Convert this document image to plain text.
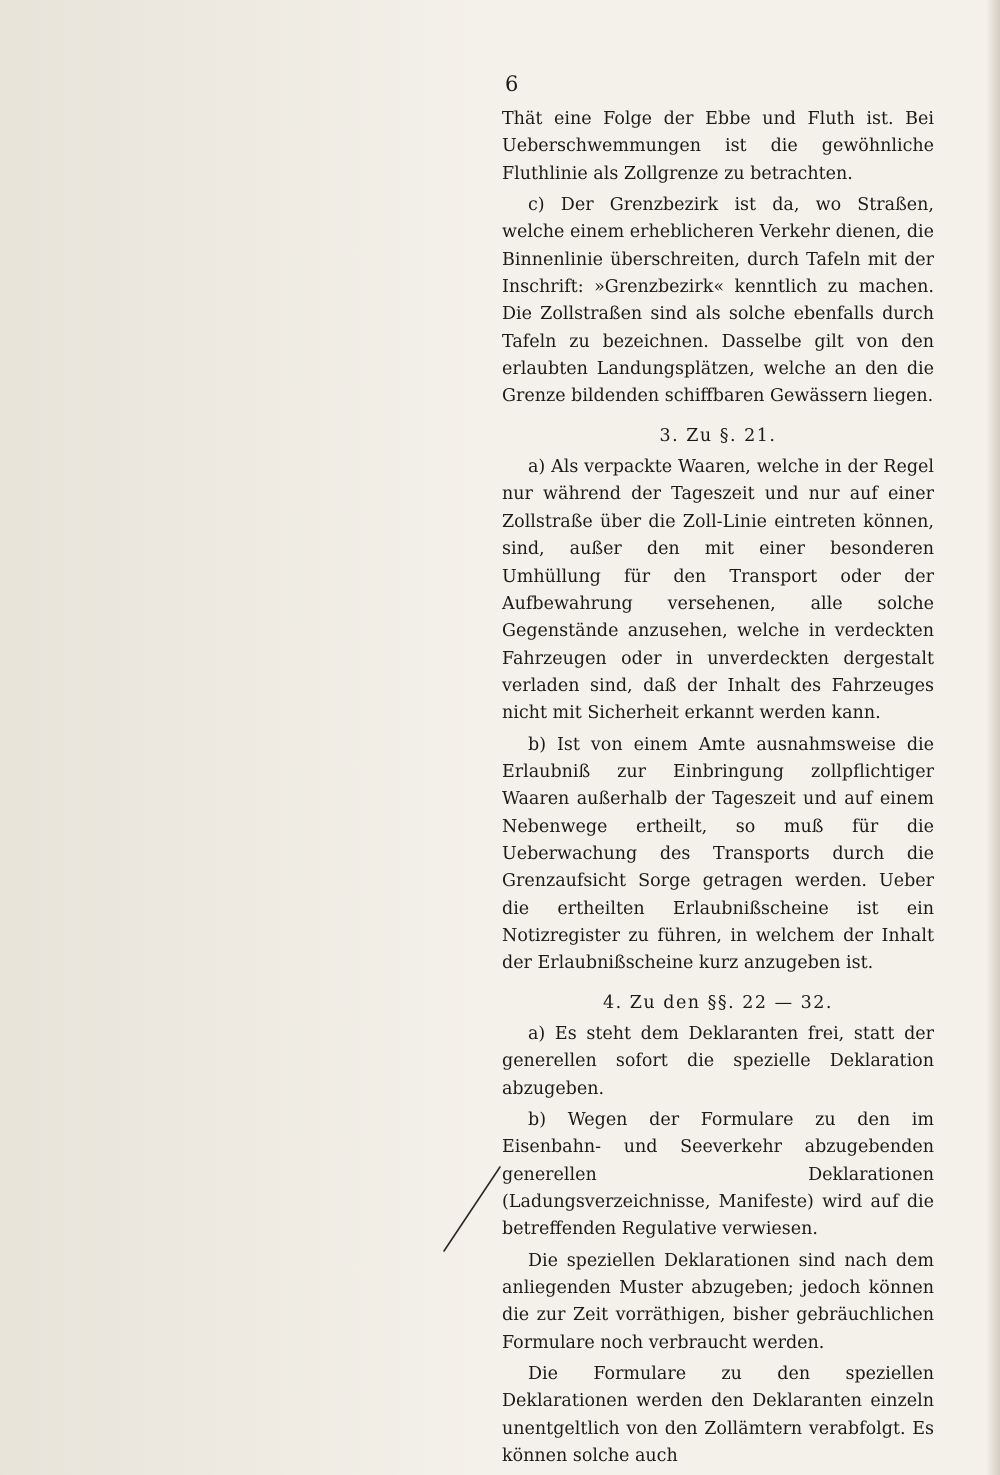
6

Thät eine Folge der Ebbe und Fluth ist. Bei Ueberschwemmungen ist die gewöhnliche Fluthlinie als Zollgrenze zu betrachten.

c) Der Grenzbezirk ist da, wo Straßen, welche einem erheblicheren Verkehr dienen, die Binnenlinie überschreiten, durch Tafeln mit der Inschrift: »Grenzbezirk« kenntlich zu machen. Die Zollstraßen sind als solche ebenfalls durch Tafeln zu bezeichnen. Dasselbe gilt von den erlaubten Landungsplätzen, welche an den die Grenze bildenden schiffbaren Gewässern liegen.

3. Zu §. 21.

a) Als verpackte Waaren, welche in der Regel nur während der Tageszeit und nur auf einer Zollstraße über die Zoll-Linie eintreten können, sind, außer den mit einer besonderen Umhüllung für den Transport oder der Aufbewahrung versehenen, alle solche Gegenstände anzusehen, welche in verdeckten Fahrzeugen oder in unverdeckten dergestalt verladen sind, daß der Inhalt des Fahrzeuges nicht mit Sicherheit erkannt werden kann.

b) Ist von einem Amte ausnahmsweise die Erlaubniß zur Einbringung zollpflichtiger Waaren außerhalb der Tageszeit und auf einem Nebenwege ertheilt, so muß für die Ueberwachung des Transports durch die Grenzaufsicht Sorge getragen werden. Ueber die ertheilten Erlaubnißscheine ist ein Notizregister zu führen, in welchem der Inhalt der Erlaubnißscheine kurz anzugeben ist.

4. Zu den §§. 22 — 32.

a) Es steht dem Deklaranten frei, statt der generellen sofort die spezielle Deklaration abzugeben.

b) Wegen der Formulare zu den im Eisenbahn- und Seeverkehr abzugebenden generellen Deklarationen (Ladungsverzeichnisse, Manifeste) wird auf die betreffenden Regulative verwiesen.

Die speziellen Deklarationen sind nach dem anliegenden Muster abzugeben; jedoch können die zur Zeit vorräthigen, bisher gebräuchlichen Formulare noch verbraucht werden.

Die Formulare zu den speziellen Deklarationen werden den Deklaranten einzeln unentgeltlich von den Zollämtern verabfolgt. Es können solche auch
